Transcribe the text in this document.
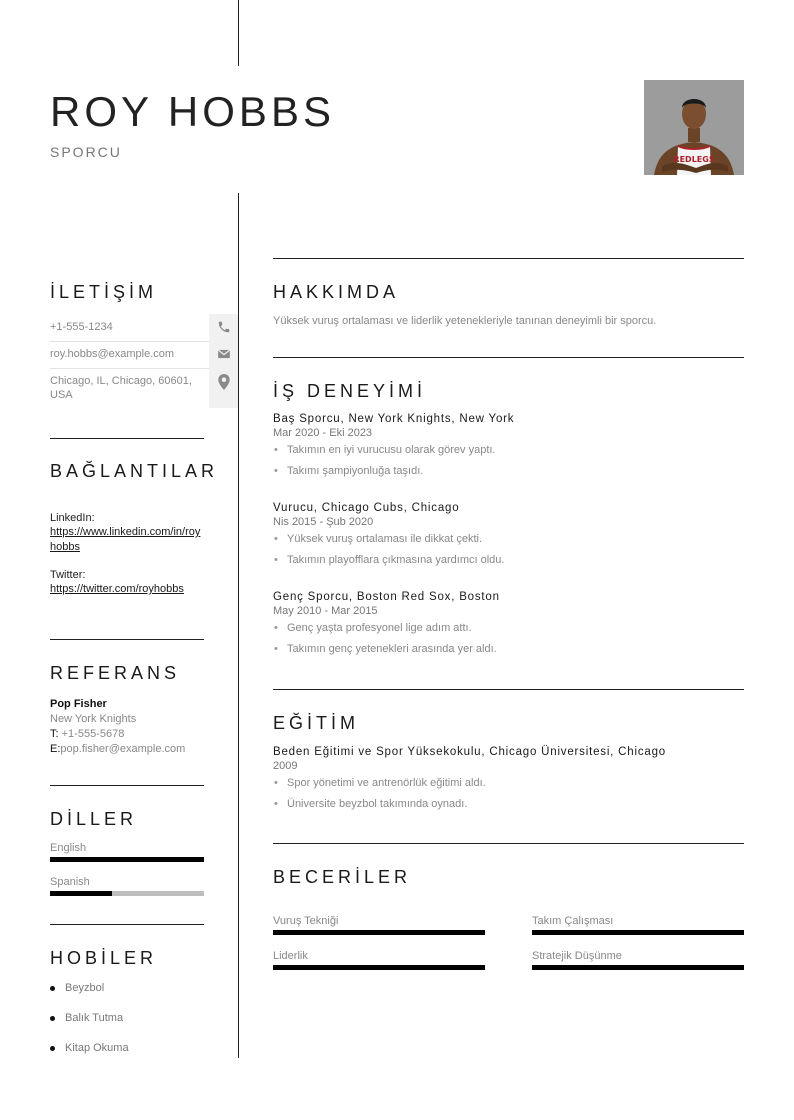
ROY HOBBS
SPORCU	REDLEGS
İLETİŞİM
+1-555-1234
roy.hobbs@example.com
Chicago, IL, Chicago, 60601, USA
BAĞLANTILAR
LinkedIn:
https://www.linkedin.com/in/royhobbs
Twitter:
https://twitter.com/royhobbs
REFERANS
Pop Fisher
New York Knights
T: +1-555-5678
E:pop.fisher@example.com
DİLLER
English
Spanish
HOBİLER
Beyzbol
Balık Tutma
Kitap Okuma
HAKKIMDA
Yüksek vuruş ortalaması ve liderlik yetenekleriyle tanınan deneyimli bir sporcu.
İŞ DENEYİMİ
Baş Sporcu, New York Knights, New York
Mar 2020 - Eki 2023
• Takımın en iyi vurucusu olarak görev yaptı.
• Takımı şampiyonluğa taşıdı.
Vurucu, Chicago Cubs, Chicago
Nis 2015 - Şub 2020
• Yüksek vuruş ortalaması ile dikkat çekti.
• Takımın playofflara çıkmasına yardımcı oldu.
Genç Sporcu, Boston Red Sox, Boston
May 2010 - Mar 2015
• Genç yaşta profesyonel lige adım attı.
• Takımın genç yetenekleri arasında yer aldı.
EĞİTİM
Beden Eğitimi ve Spor Yüksekokulu, Chicago Üniversitesi, Chicago
2009
• Spor yönetimi ve antrenörlük eğitimi aldı.
• Üniversite beyzbol takımında oynadı.
BECERİLER
Vuruş Tekniği	Takım Çalışması
Liderlik	Stratejik Düşünme
